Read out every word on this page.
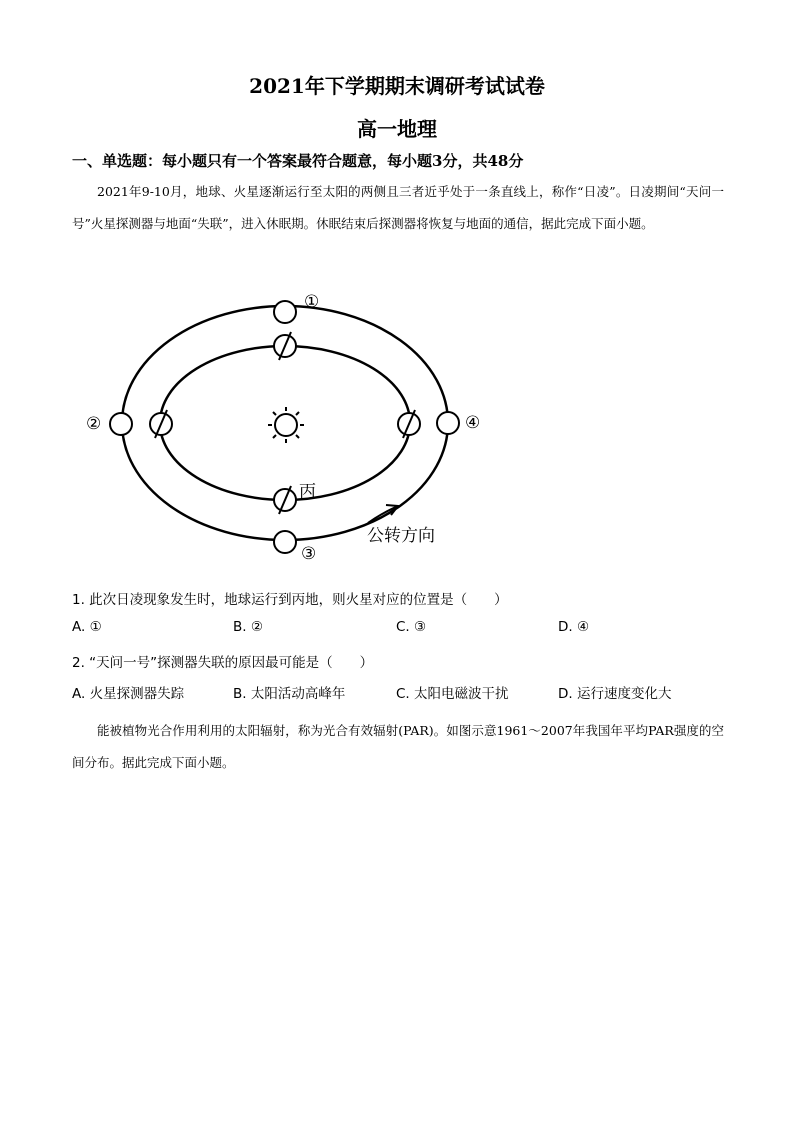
2021年下学期期末调研考试试卷
高一地理
一、单选题：每小题只有一个答案最符合题意，每小题3分，共48分
2021年9-10月，地球、火星逐渐运行至太阳的两侧且三者近乎处于一条直线上，称作“日凌”。日凌期间“天问一号”火星探测器与地面“失联”，进入休眠期。休眠结束后探测器将恢复与地面的通信，据此完成下面小题。
①
②
③
④
丙
公转方向
1. 此次日凌现象发生时，地球运行到丙地，则火星对应的位置是（　　）
A. ①	B. ②	C. ③	D. ④
2. “天问一号”探测器失联的原因最可能是（　　）
A. 火星探测器失踪	B. 太阳活动高峰年	C. 太阳电磁波干扰	D. 运行速度变化大
能被植物光合作用利用的太阳辐射，称为光合有效辐射(PAR)。如图示意1961～2007年我国年平均PAR强度的空间分布。据此完成下面小题。
